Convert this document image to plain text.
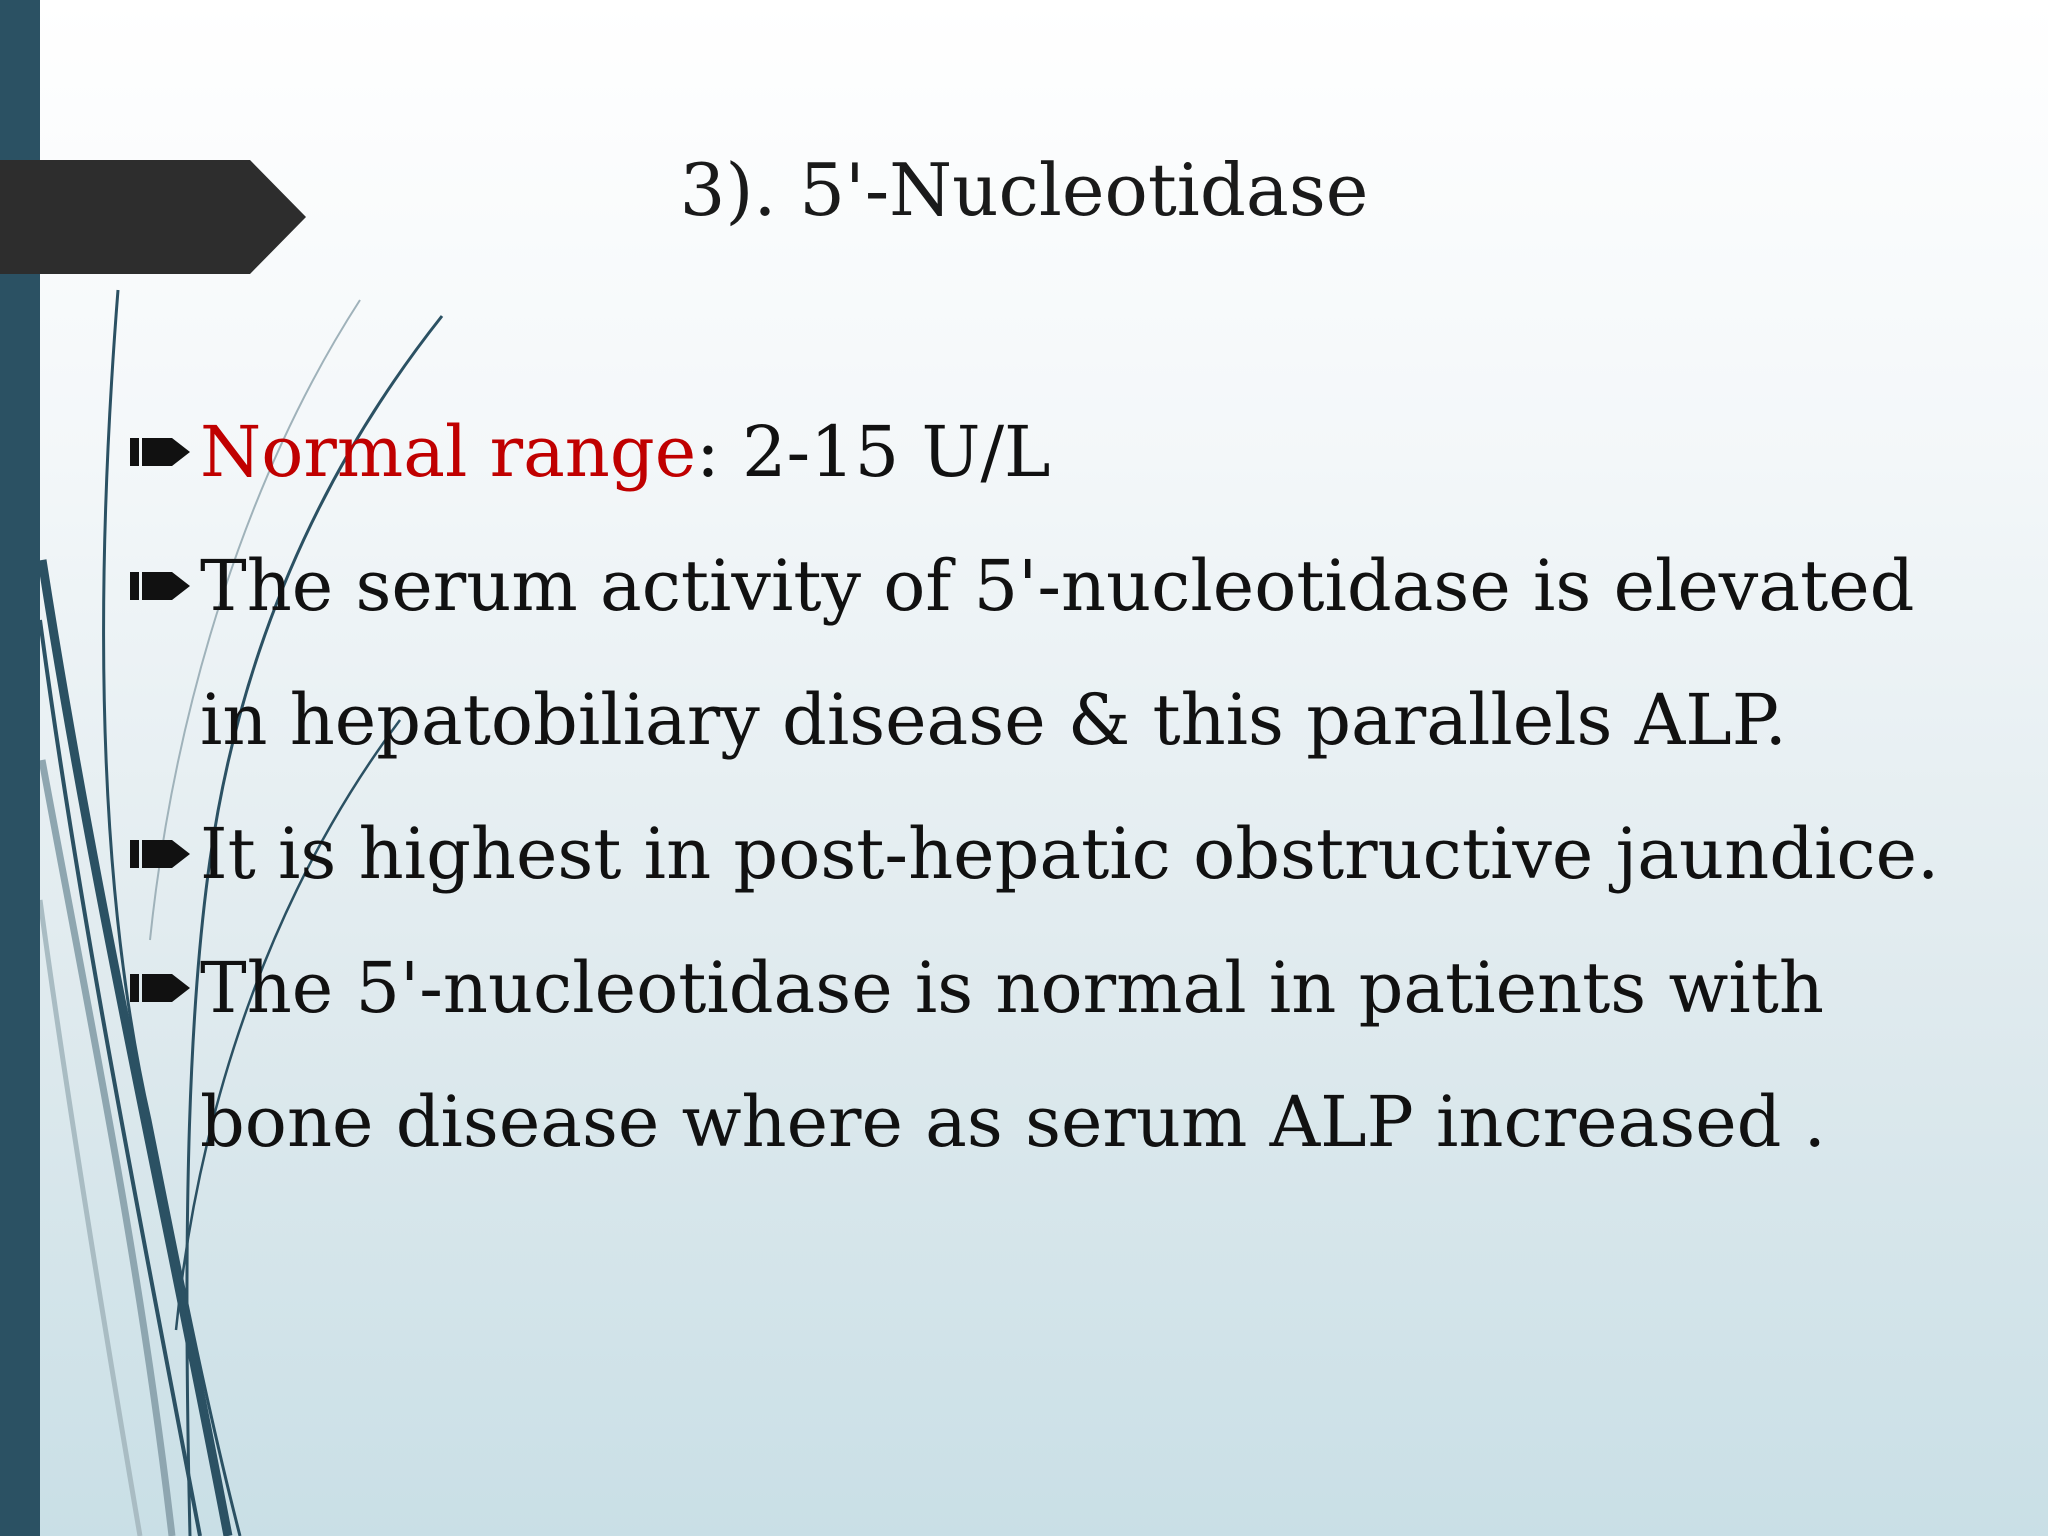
3). 5'-Nucleotidase
Normal range: 2-15 U/L
The serum activity of 5'-nucleotidase is elevated
in hepatobiliary disease & this parallels ALP.
It is highest in post-hepatic obstructive jaundice.
The 5'-nucleotidase is normal in patients with
bone disease where as serum ALP increased .
